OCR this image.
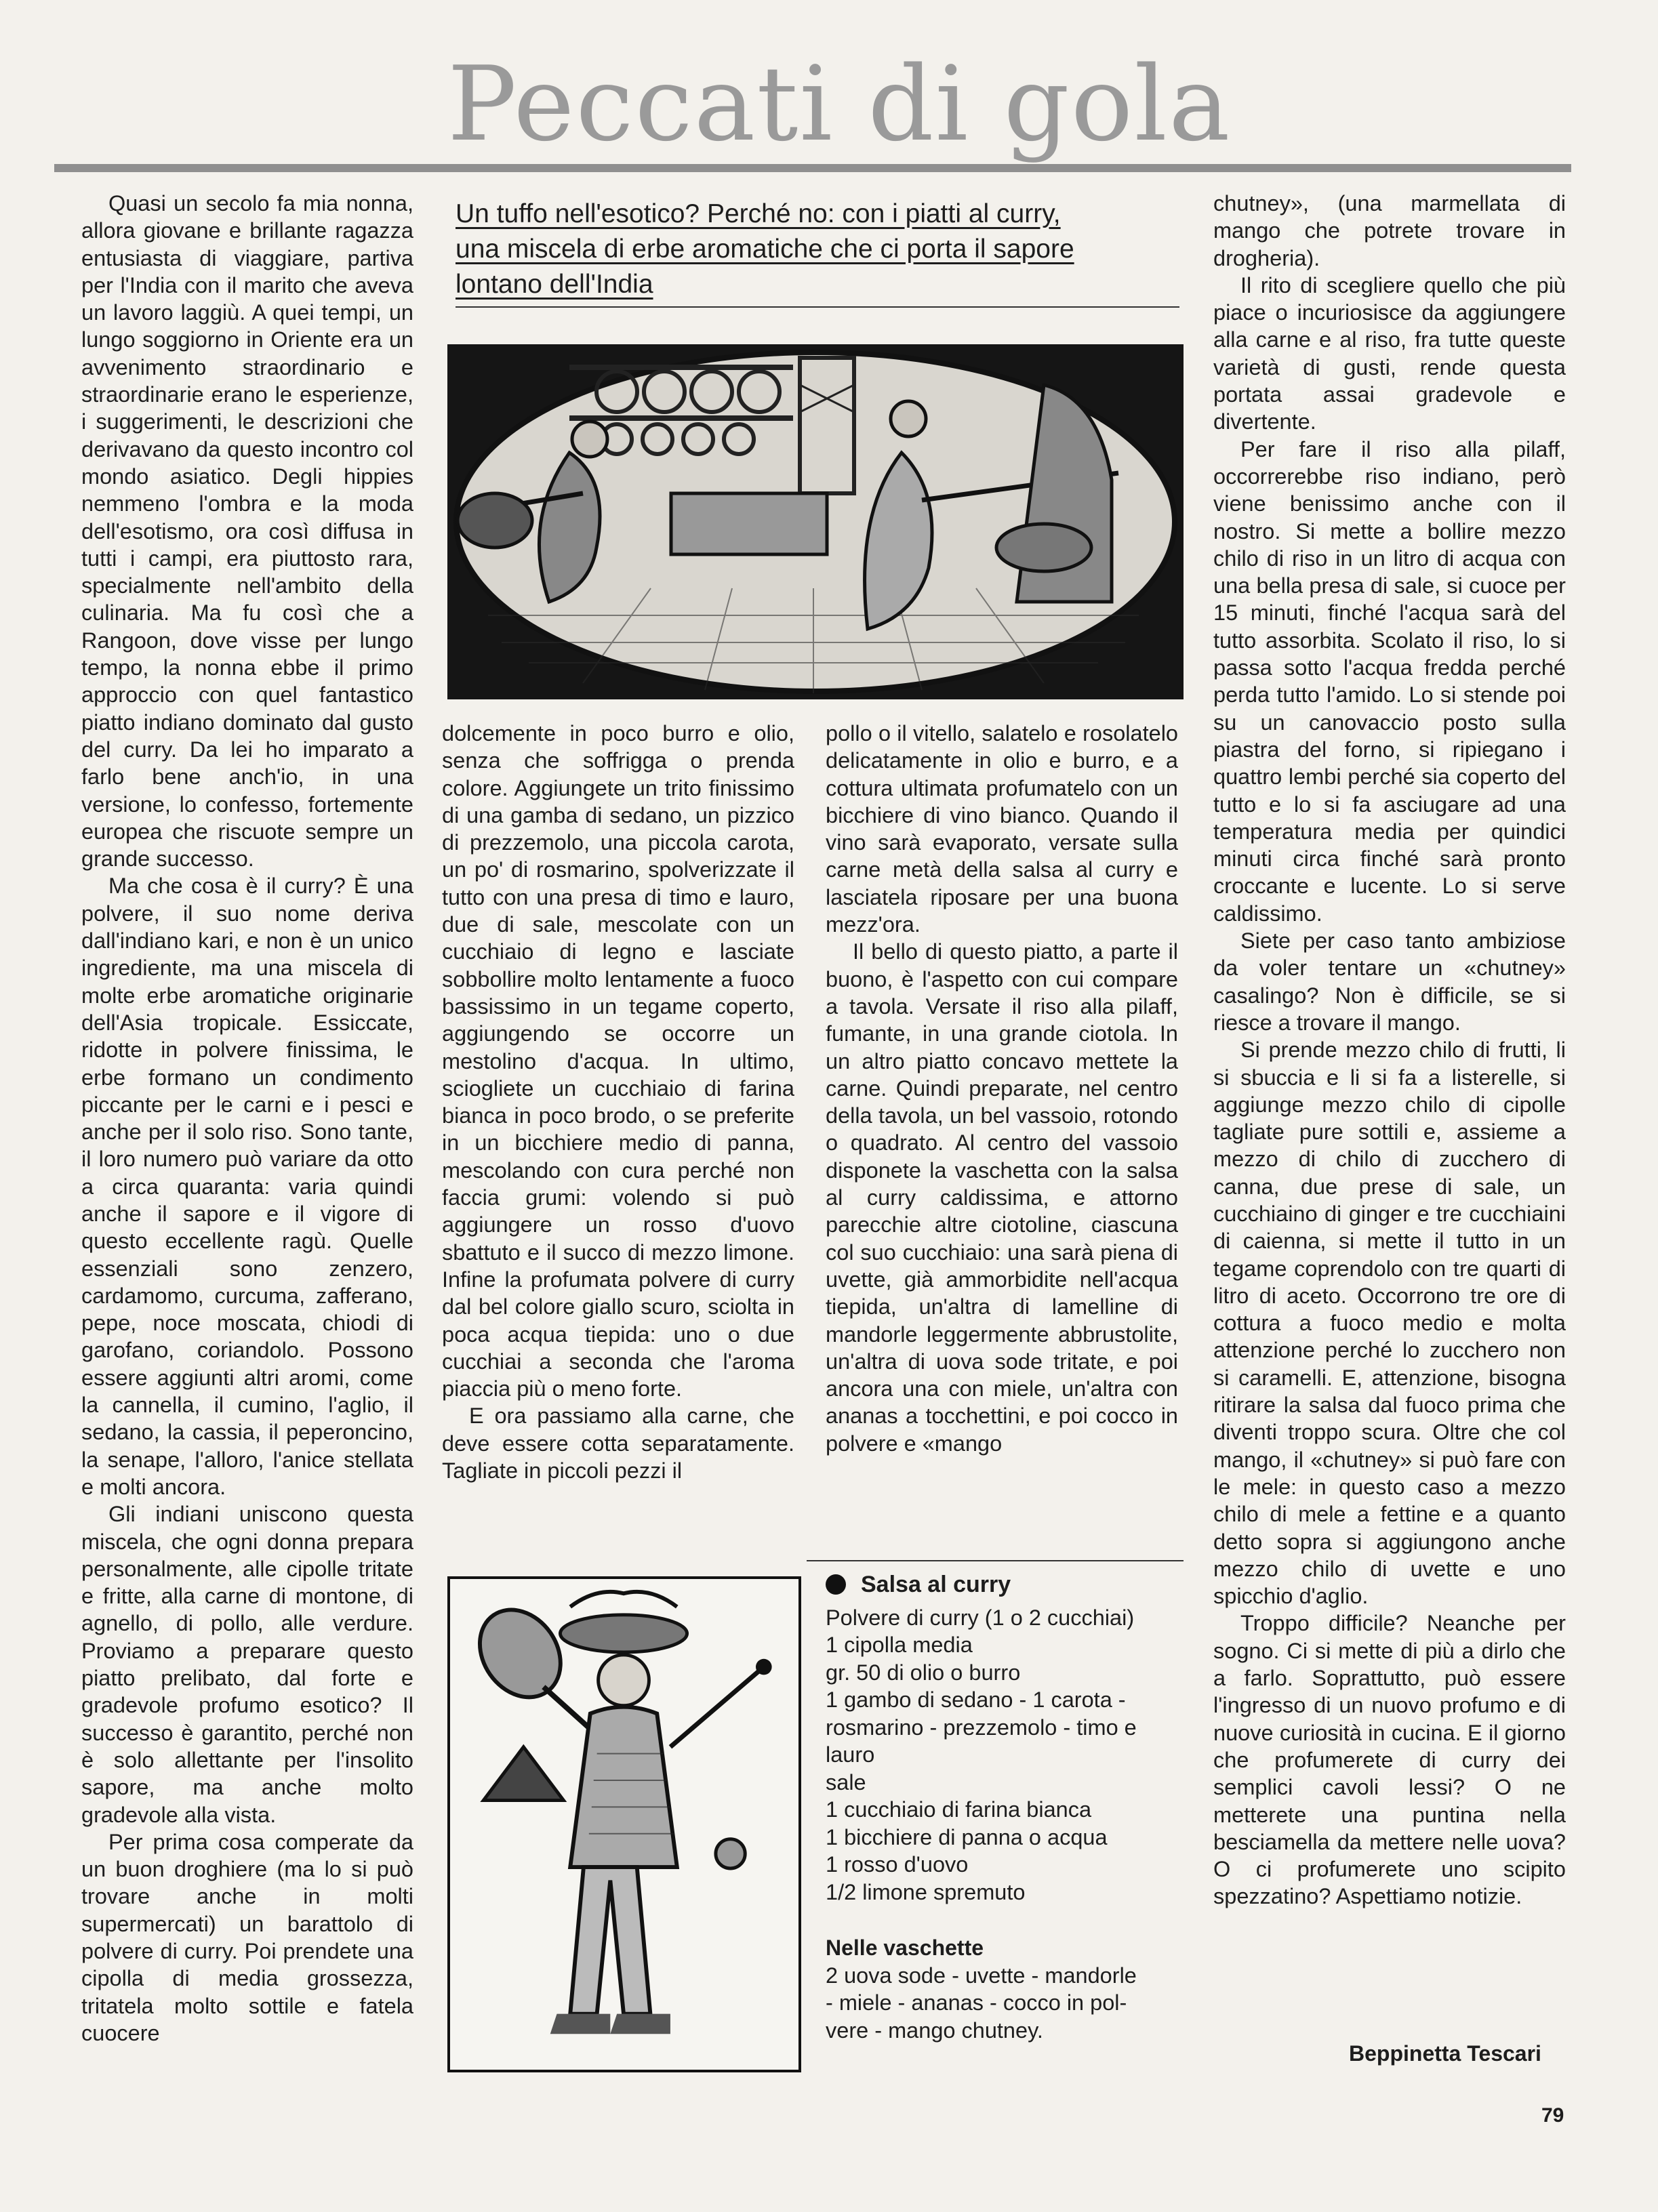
Peccati di gola
Un tuffo nell'esotico? Perché no: con i piatti al curry,
una miscela di erbe aromatiche che ci porta il sapore
lontano dell'India

Quasi un secolo fa mia nonna, allora giovane e brillante ragazza entusiasta di viaggiare, partiva per l'India con il marito che aveva un lavoro laggiù. A quei tempi, un lungo soggiorno in Oriente era un avvenimento straordinario e straordinarie erano le esperienze, i suggerimenti, le descrizioni che derivavano da questo incontro col mondo asiatico. Degli hippies nemmeno l'ombra e la moda dell'esotismo, ora così diffusa in tutti i campi, era piuttosto rara, specialmente nell'ambito della culinaria. Ma fu così che a Rangoon, dove visse per lungo tempo, la nonna ebbe il primo approccio con quel fantastico piatto indiano dominato dal gusto del curry. Da lei ho imparato a farlo bene anch'io, in una versione, lo confesso, fortemente europea che riscuote sempre un grande successo.

Ma che cosa è il curry? È una polvere, il suo nome deriva dall'indiano kari, e non è un unico ingrediente, ma una miscela di molte erbe aromatiche originarie dell'Asia tropicale. Essiccate, ridotte in polvere finissima, le erbe formano un condimento piccante per le carni e i pesci e anche per il solo riso. Sono tante, il loro numero può variare da otto a circa quaranta: varia quindi anche il sapore e il vigore di questo eccellente ragù. Quelle essenziali sono zenzero, cardamomo, curcuma, zafferano, pepe, noce moscata, chiodi di garofano, coriandolo. Possono essere aggiunti altri aromi, come la cannella, il cumino, l'aglio, il sedano, la cassia, il peperoncino, la senape, l'alloro, l'anice stellata e molti ancora.

Gli indiani uniscono questa miscela, che ogni donna prepara personalmente, alle cipolle tritate e fritte, alla carne di montone, di agnello, di pollo, alle verdure. Proviamo a preparare questo piatto prelibato, dal forte e gradevole profumo esotico? Il successo è garantito, perché non è solo allettante per l'insolito sapore, ma anche molto gradevole alla vista.

Per prima cosa comperate da un buon droghiere (ma lo si può trovare anche in molti supermercati) un barattolo di polvere di curry. Poi prendete una cipolla di media grossezza, tritatela molto sottile e fatela cuocere

dolcemente in poco burro e olio, senza che soffrigga o prenda colore. Aggiungete un trito finissimo di una gamba di sedano, un pizzico di prezzemolo, una piccola carota, un po' di rosmarino, spolverizzate il tutto con una presa di timo e lauro, due di sale, mescolate con un cucchiaio di legno e lasciate sobbollire molto lentamente a fuoco bassissimo in un tegame coperto, aggiungendo se occorre un mestolino d'acqua. In ultimo, sciogliete un cucchiaio di farina bianca in poco brodo, o se preferite in un bicchiere medio di panna, mescolando con cura perché non faccia grumi: volendo si può aggiungere un rosso d'uovo sbattuto e il succo di mezzo limone. Infine la profumata polvere di curry dal bel colore giallo scuro, sciolta in poca acqua tiepida: uno o due cucchiai a seconda che l'aroma piaccia più o meno forte.

E ora passiamo alla carne, che deve essere cotta separatamente. Tagliate in piccoli pezzi il

pollo o il vitello, salatelo e rosolatelo delicatamente in olio e burro, e a cottura ultimata profumatelo con un bicchiere di vino bianco. Quando il vino sarà evaporato, versate sulla carne metà della salsa al curry e lasciatela riposare per una buona mezz'ora.

Il bello di questo piatto, a parte il buono, è l'aspetto con cui compare a tavola. Versate il riso alla pilaff, fumante, in una grande ciotola. In un altro piatto concavo mettete la carne. Quindi preparate, nel centro della tavola, un bel vassoio, rotondo o quadrato. Al centro del vassoio disponete la vaschetta con la salsa al curry caldissima, e attorno parecchie altre ciotoline, ciascuna col suo cucchiaio: una sarà piena di uvette, già ammorbidite nell'acqua tiepida, un'altra di lamelline di mandorle leggermente abbrustolite, un'altra di uova sode tritate, e poi ancora una con miele, un'altra con ananas a tocchettini, e poi cocco in polvere e «mango

chutney», (una marmellata di mango che potrete trovare in drogheria).

Il rito di scegliere quello che più piace o incuriosisce da aggiungere alla carne e al riso, fra tutte queste varietà di gusti, rende questa portata assai gradevole e divertente.

Per fare il riso alla pilaff, occorrerebbe riso indiano, però viene benissimo anche con il nostro. Si mette a bollire mezzo chilo di riso in un litro di acqua con una bella presa di sale, si cuoce per 15 minuti, finché l'acqua sarà del tutto assorbita. Scolato il riso, lo si passa sotto l'acqua fredda perché perda tutto l'amido. Lo si stende poi su un canovaccio posto sulla piastra del forno, si ripiegano i quattro lembi perché sia coperto del tutto e lo si fa asciugare ad una temperatura media per quindici minuti circa finché sarà pronto croccante e lucente. Lo si serve caldissimo.

Siete per caso tanto ambiziose da voler tentare un «chutney» casalingo? Non è difficile, se si riesce a trovare il mango.

Si prende mezzo chilo di frutti, li si sbuccia e li si fa a listerelle, si aggiunge mezzo chilo di cipolle tagliate pure sottili e, assieme a mezzo di chilo di zucchero di canna, due prese di sale, un cucchiaino di ginger e tre cucchiaini di caienna, si mette il tutto in un tegame coprendolo con tre quarti di litro di aceto. Occorrono tre ore di cottura a fuoco medio e molta attenzione perché lo zucchero non si caramelli. E, attenzione, bisogna ritirare la salsa dal fuoco prima che diventi troppo scura. Oltre che col mango, il «chutney» si può fare con le mele: in questo caso a mezzo chilo di mele a fettine e a quanto detto sopra si aggiungono anche mezzo chilo di uvette e uno spicchio d'aglio.

Troppo difficile? Neanche per sogno. Ci si mette di più a dirlo che a farlo. Soprattutto, può essere l'ingresso di un nuovo profumo e di nuove curiosità in cucina. E il giorno che profumerete di curry dei semplici cavoli lessi? O ne metterete una puntina nella besciamella da mettere nelle uova? O ci profumerete uno scipito spezzatino? Aspettiamo notizie.

Salsa al curry
Polvere di curry (1 o 2 cucchiai)
1 cipolla media
gr. 50 di olio o burro
1 gambo di sedano - 1 carota -
rosmarino - prezzemolo - timo e
lauro
sale
1 cucchiaio di farina bianca
1 bicchiere di panna o acqua
1 rosso d'uovo
1/2 limone spremuto
Nelle vaschette
2 uova sode - uvette - mandorle
- miele - ananas - cocco in pol-
vere - mango chutney.
Beppinetta Tescari
79
